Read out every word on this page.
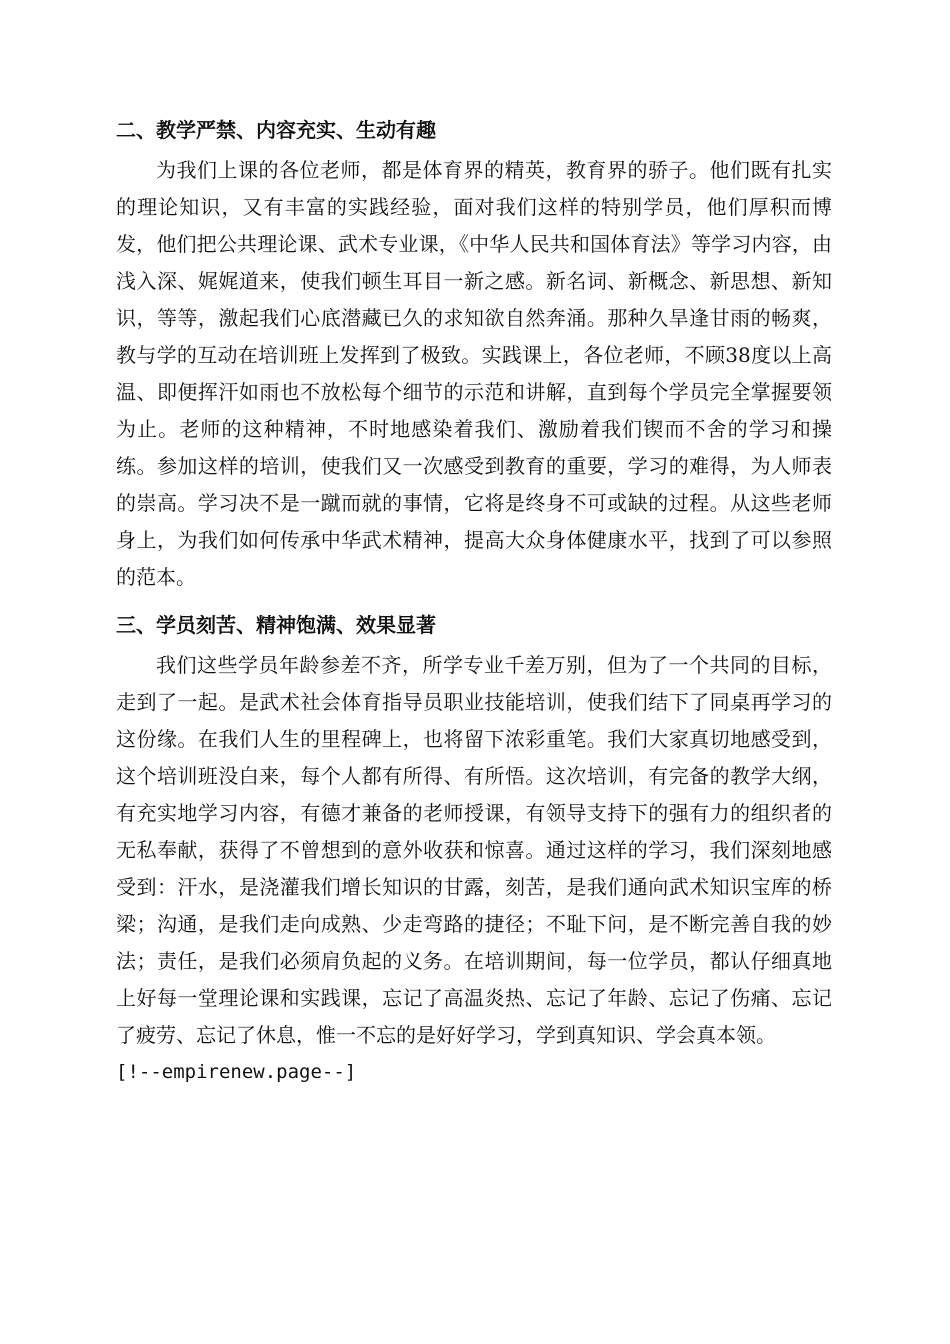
二、教学严禁、内容充实、生动有趣

为我们上课的各位老师，都是体育界的精英，教育界的骄子。他们既有扎实的理论知识，又有丰富的实践经验，面对我们这样的特别学员，他们厚积而博发，他们把公共理论课、武术专业课，《中华人民共和国体育法》等学习内容，由浅入深、娓娓道来，使我们顿生耳目一新之感。新名词、新概念、新思想、新知识，等等，激起我们心底潜藏已久的求知欲自然奔涌。那种久旱逢甘雨的畅爽，教与学的互动在培训班上发挥到了极致。实践课上，各位老师，不顾38度以上高温、即便挥汗如雨也不放松每个细节的示范和讲解，直到每个学员完全掌握要领为止。老师的这种精神，不时地感染着我们、激励着我们锲而不舍的学习和操练。参加这样的培训，使我们又一次感受到教育的重要，学习的难得，为人师表的崇高。学习决不是一蹴而就的事情，它将是终身不可或缺的过程。从这些老师身上，为我们如何传承中华武术精神，提高大众身体健康水平，找到了可以参照的范本。

三、学员刻苦、精神饱满、效果显著

我们这些学员年龄参差不齐，所学专业千差万别，但为了一个共同的目标，走到了一起。是武术社会体育指导员职业技能培训，使我们结下了同桌再学习的这份缘。在我们人生的里程碑上，也将留下浓彩重笔。我们大家真切地感受到，这个培训班没白来，每个人都有所得、有所悟。这次培训，有完备的教学大纲，有充实地学习内容，有德才兼备的老师授课，有领导支持下的强有力的组织者的无私奉献，获得了不曾想到的意外收获和惊喜。通过这样的学习，我们深刻地感受到：汗水，是浇灌我们增长知识的甘露，刻苦，是我们通向武术知识宝库的桥梁；沟通，是我们走向成熟、少走弯路的捷径；不耻下问，是不断完善自我的妙法；责任，是我们必须肩负起的义务。在培训期间，每一位学员，都认仔细真地上好每一堂理论课和实践课，忘记了高温炎热、忘记了年龄、忘记了伤痛、忘记了疲劳、忘记了休息，惟一不忘的是好好学习，学到真知识、学会真本领。

[!--empirenew.page--]
